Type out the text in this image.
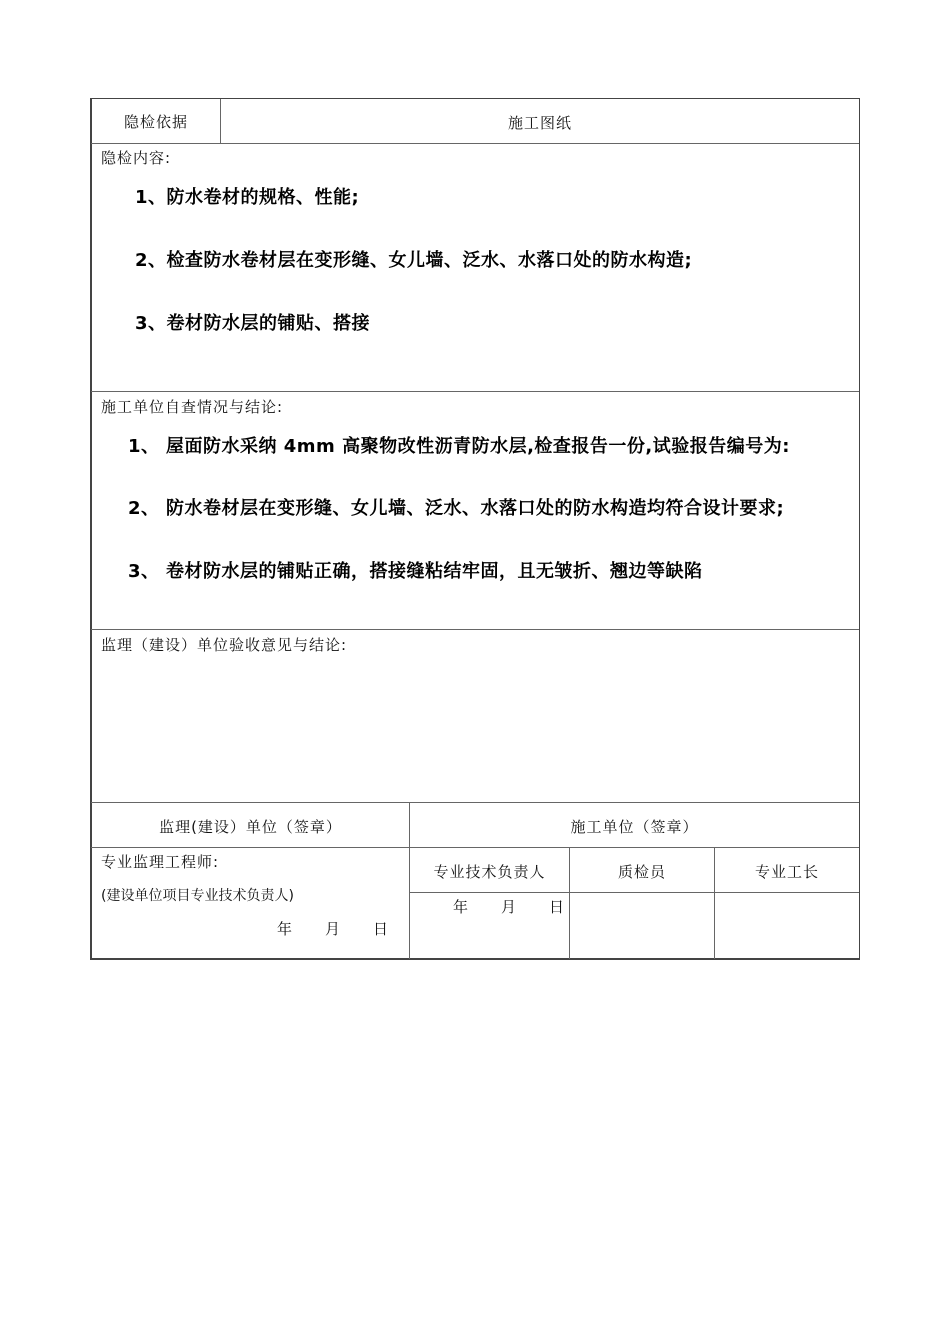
隐检依据	施工图纸
隐检内容:
1、防水卷材的规格、性能;
2、检查防水卷材层在变形缝、女儿墙、泛水、水落口处的防水构造;
3、卷材防水层的铺贴、搭接
施工单位自查情况与结论:
1、 屋面防水采纳 4mm 高聚物改性沥青防水层,检查报告一份,试验报告编号为:
2、 防水卷材层在变形缝、女儿墙、泛水、水落口处的防水构造均符合设计要求;
3、 卷材防水层的铺贴正确，搭接缝粘结牢固，且无皱折、翘边等缺陷
监理（建设）单位验收意见与结论:
监理(建设）单位（签章）	施工单位（签章）
专业监理工程师:
(建设单位项目专业技术负责人)
年　　月　　日
专业技术负责人	质检员	专业工长
年　　月　　日
